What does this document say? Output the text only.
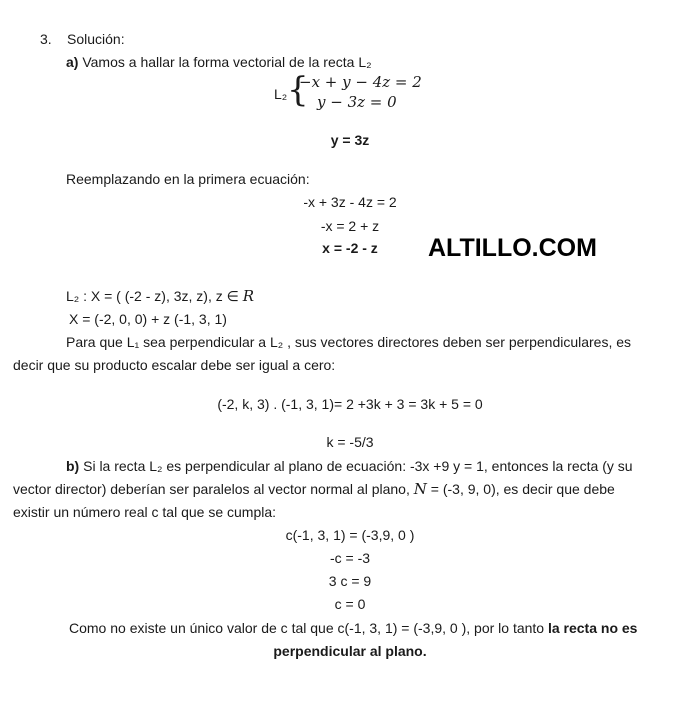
3. Solución:
a) Vamos a hallar la forma vectorial de la recta L₂
L₂ {
−x + y − 4z = 2
y − 3z = 0
y = 3z
Reemplazando en la primera ecuación:
-x + 3z - 4z = 2
-x = 2 + z
x = -2 - z	ALTILLO.COM
L₂ : X = ( (-2 - z), 3z, z), z ∈ R
X = (-2, 0, 0) + z (-1, 3, 1)
Para que L₁ sea perpendicular a L₂ , sus vectores directores deben ser perpendiculares, es
decir que su producto escalar debe ser igual a cero:
(-2, k, 3) . (-1, 3, 1)= 2 +3k + 3 = 3k + 5 = 0
k = -5/3
b) Si la recta L₂ es perpendicular al plano de ecuación: -3x +9 y = 1, entonces la recta (y su
vector director) deberían ser paralelos al vector normal al plano, N = (-3, 9, 0), es decir que debe
existir un número real c tal que se cumpla:
c(-1, 3, 1) = (-3,9, 0 )
-c = -3
3 c = 9
c = 0
Como no existe un único valor de c tal que c(-1, 3, 1) = (-3,9, 0 ), por lo tanto la recta no es
perpendicular al plano.
